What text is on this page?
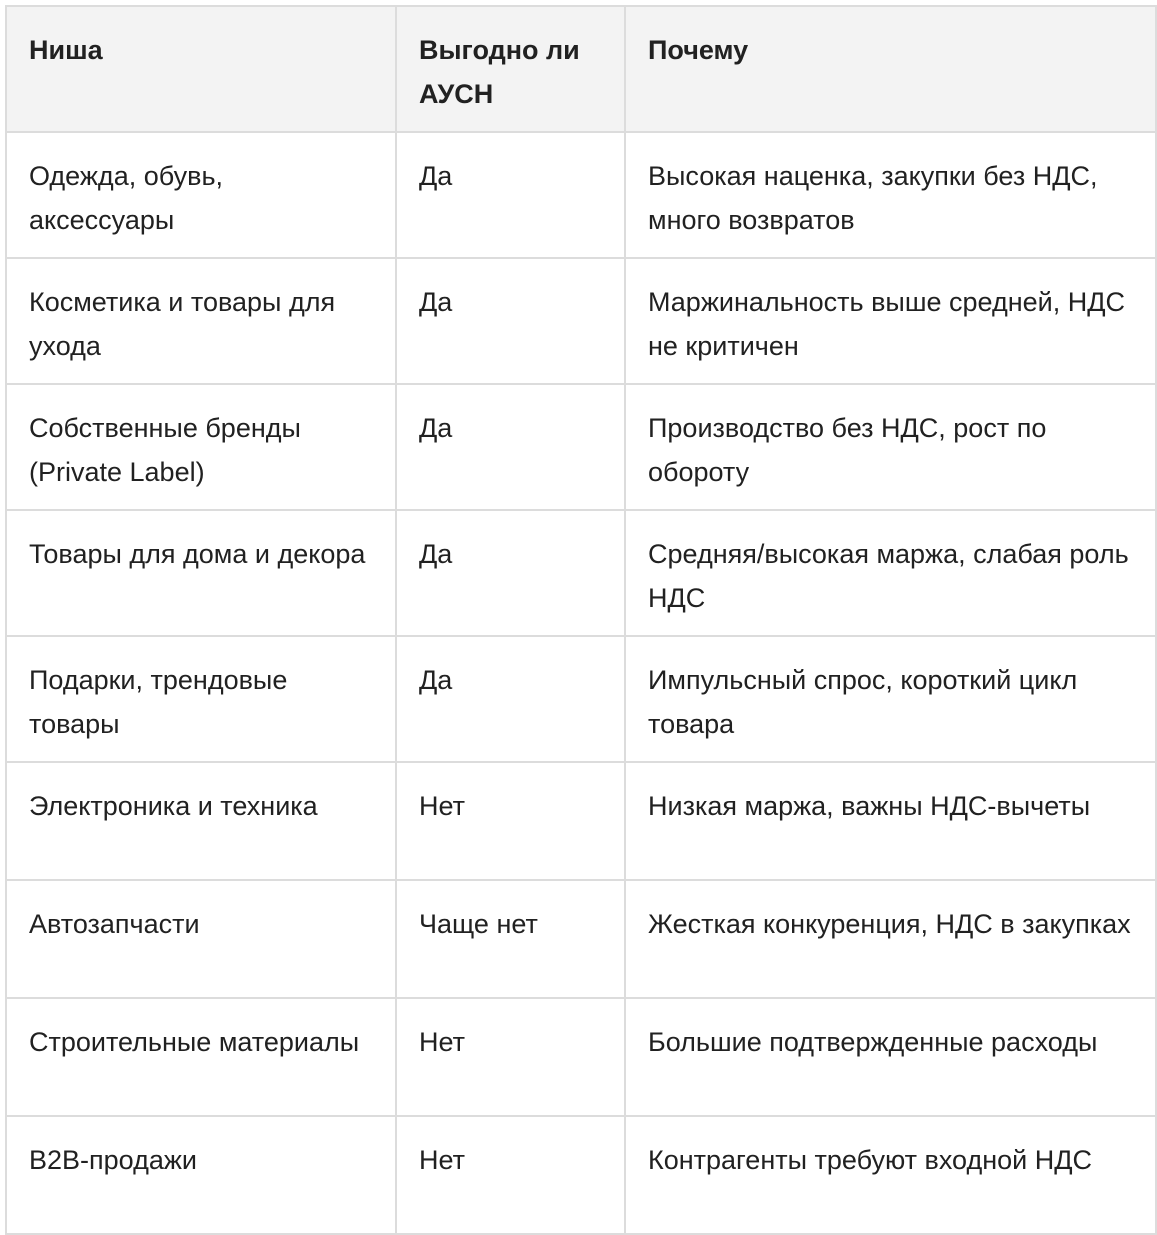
Ниша	Выгодно ли АУСН	Почему
Одежда, обувь, аксессуары	Да	Высокая наценка, закупки без НДС, много возвратов
Косметика и товары для ухода	Да	Маржинальность выше средней, НДС не критичен
Собственные бренды (Private Label)	Да	Производство без НДС, рост по обороту
Товары для дома и декора	Да	Средняя/высокая маржа, слабая роль НДС
Подарки, трендовые товары	Да	Импульсный спрос, короткий цикл товара
Электроника и техника	Нет	Низкая маржа, важны НДС-вычеты
Автозапчасти	Чаще нет	Жесткая конкуренция, НДС в закупках
Строительные материалы	Нет	Большие подтвержденные расходы
B2B-продажи	Нет	Контрагенты требуют входной НДС
